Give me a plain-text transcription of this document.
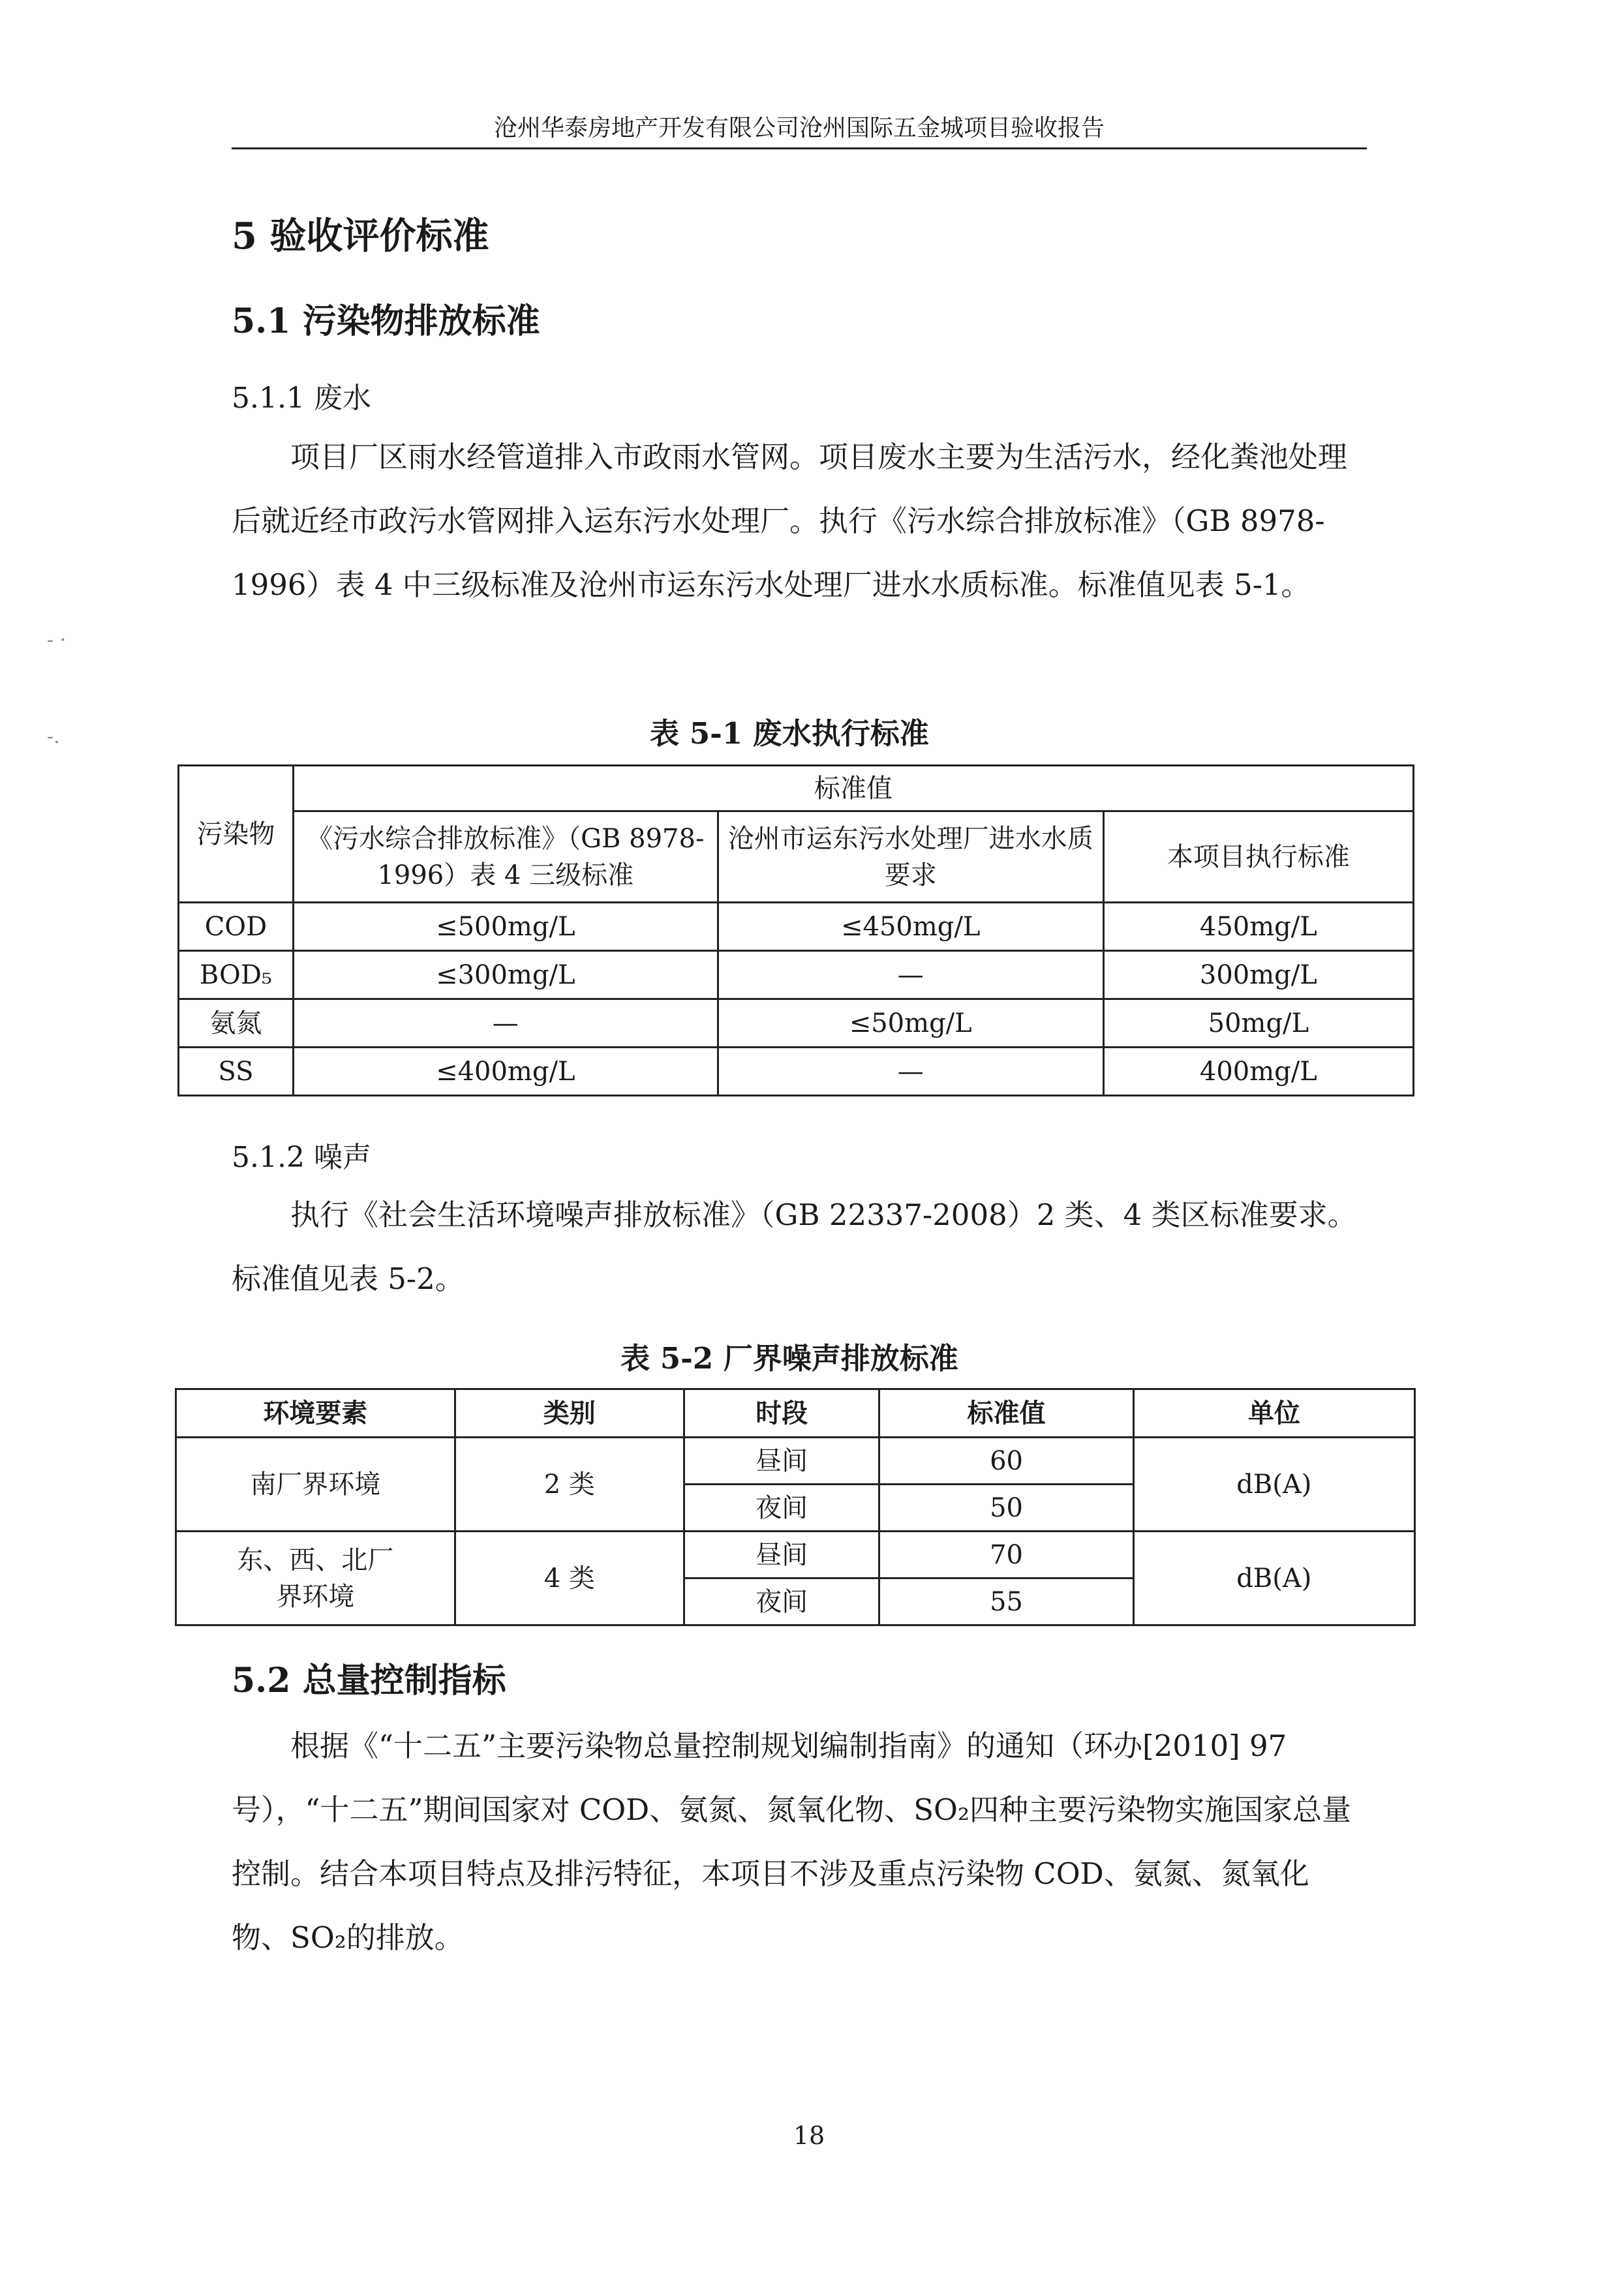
沧州华泰房地产开发有限公司沧州国际五金城项目验收报告
5 验收评价标准
5.1 污染物排放标准
5.1.1 废水

项目厂区雨水经管道排入市政雨水管网。项目废水主要为生活污水，经化粪池处理后就近经市政污水管网排入运东污水处理厂。执行《污水综合排放标准》（GB 8978-1996）表 4 中三级标准及沧州市运东污水处理厂进水水质标准。标准值见表 5-1。

表 5-1 废水执行标准
污染物	标准值		
	《污水综合排放标准》（GB 8978-1996）表 4 三级标准	沧州市运东污水处理厂进水水质要求	本项目执行标准
COD	≤500mg/L	≤450mg/L	450mg/L
BOD₅	≤300mg/L	—	300mg/L
氨氮	—	≤50mg/L	50mg/L
SS	≤400mg/L	—	400mg/L
5.1.2 噪声

执行《社会生活环境噪声排放标准》（GB 22337-2008）2 类、4 类区标准要求。标准值见表 5-2。

表 5-2 厂界噪声排放标准
环境要素	类别	时段	标准值	单位
南厂界环境	2 类	昼间	60	dB(A)
		夜间	50	
东、西、北厂界环境	4 类	昼间	70	dB(A)
		夜间	55	
5.2 总量控制指标

根据《“十二五”主要污染物总量控制规划编制指南》的通知（环办[2010] 97 号），“十二五”期间国家对 COD、氨氮、氮氧化物、SO₂四种主要污染物实施国家总量控制。结合本项目特点及排污特征，本项目不涉及重点污染物 COD、氨氮、氮氧化物、SO₂的排放。

18
- ·
-.
